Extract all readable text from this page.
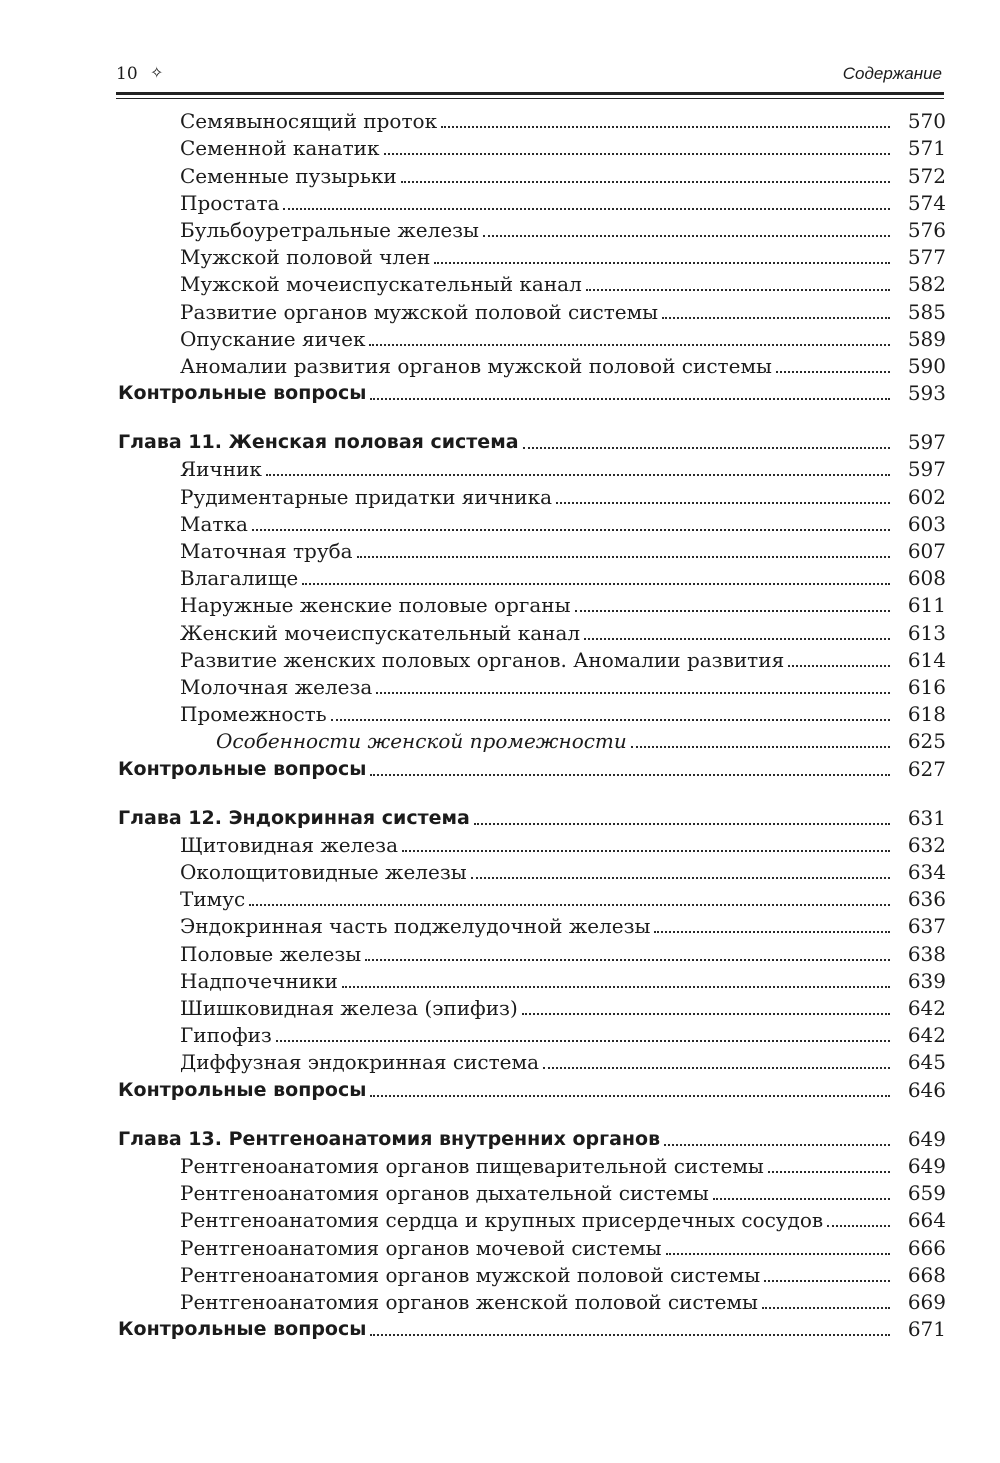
10 ✧	Содержание
Семявыносящий проток	570
Семенной канатик	571
Семенные пузырьки	572
Простата	574
Бульбоуретральные железы	576
Мужской половой член	577
Мужской мочеиспускательный канал	582
Развитие органов мужской половой системы	585
Опускание яичек	589
Аномалии развития органов мужской половой системы	590
Контрольные вопросы	593
Глава 11. Женская половая система	597
Яичник	597
Рудиментарные придатки яичника	602
Матка	603
Маточная труба	607
Влагалище	608
Наружные женские половые органы	611
Женский мочеиспускательный канал	613
Развитие женских половых органов. Аномалии развития	614
Молочная железа	616
Промежность	618
Особенности женской промежности	625
Контрольные вопросы	627
Глава 12. Эндокринная система	631
Щитовидная железа	632
Околощитовидные железы	634
Тимус	636
Эндокринная часть поджелудочной железы	637
Половые железы	638
Надпочечники	639
Шишковидная железа (эпифиз)	642
Гипофиз	642
Диффузная эндокринная система	645
Контрольные вопросы	646
Глава 13. Рентгеноанатомия внутренних органов	649
Рентгеноанатомия органов пищеварительной системы	649
Рентгеноанатомия органов дыхательной системы	659
Рентгеноанатомия сердца и крупных присердечных сосудов	664
Рентгеноанатомия органов мочевой системы	666
Рентгеноанатомия органов мужской половой системы	668
Рентгеноанатомия органов женской половой системы	669
Контрольные вопросы	671
